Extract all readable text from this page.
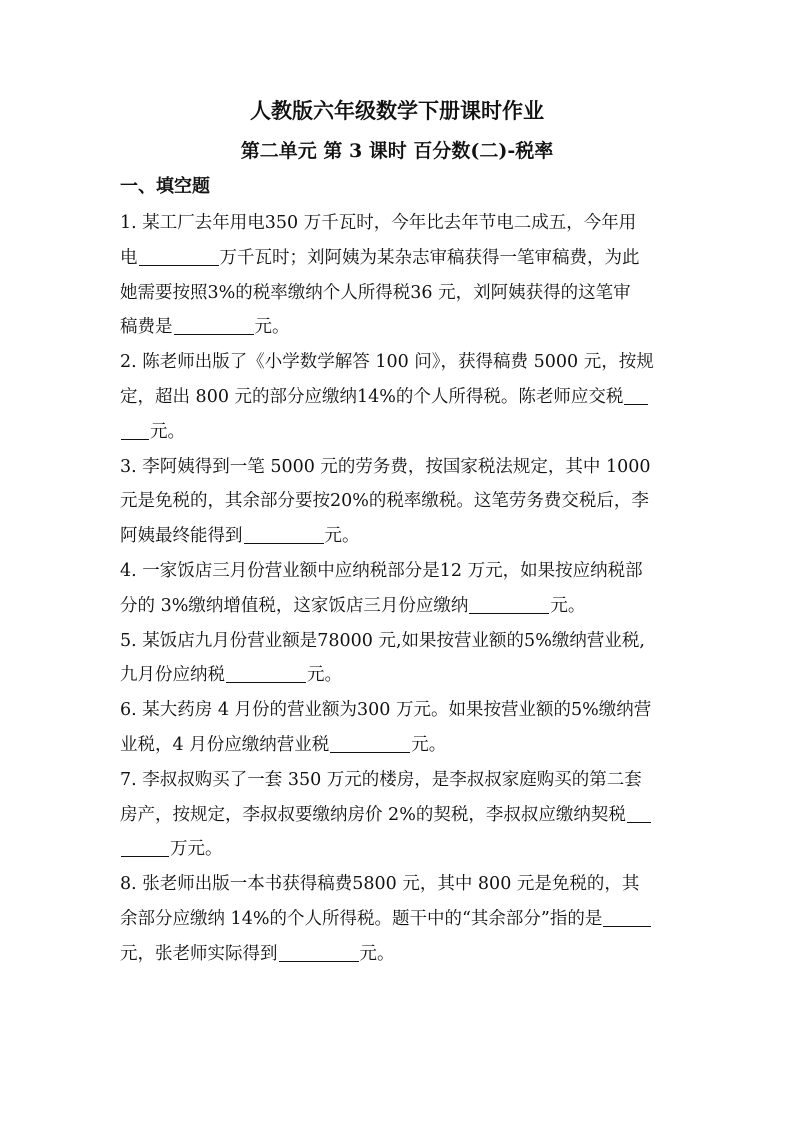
人教版六年级数学下册课时作业
第二单元 第 3 课时 百分数(二)-税率
一、填空题
1. 某工厂去年用电350 万千瓦时，今年比去年节电二成五，今年用
电	万千瓦时；刘阿姨为某杂志审稿获得一笔审稿费，为此
她需要按照3%的税率缴纳个人所得税36 元，刘阿姨获得的这笔审
稿费是	元。
2. 陈老师出版了《小学数学解答 100 问》，获得稿费 5000 元，按规
定，超出 800 元的部分应缴纳14%的个人所得税。陈老师应交税
元。
3. 李阿姨得到一笔 5000 元的劳务费，按国家税法规定，其中 1000
元是免税的，其余部分要按20%的税率缴税。这笔劳务费交税后，李
阿姨最终能得到	元。
4. 一家饭店三月份营业额中应纳税部分是12 万元，如果按应纳税部
分的 3%缴纳增值税，这家饭店三月份应缴纳	元。
5. 某饭店九月份营业额是78000 元,如果按营业额的5%缴纳营业税,
九月份应纳税	元。
6. 某大药房 4 月份的营业额为300 万元。如果按营业额的5%缴纳营
业税，4 月份应缴纳营业税	元。
7. 李叔叔购买了一套 350 万元的楼房，是李叔叔家庭购买的第二套
房产，按规定，李叔叔要缴纳房价 2%的契税，李叔叔应缴纳契税
万元。
8. 张老师出版一本书获得稿费5800 元，其中 800 元是免税的，其
余部分应缴纳 14%的个人所得税。题干中的“其余部分”指的是
元，张老师实际得到	元。
